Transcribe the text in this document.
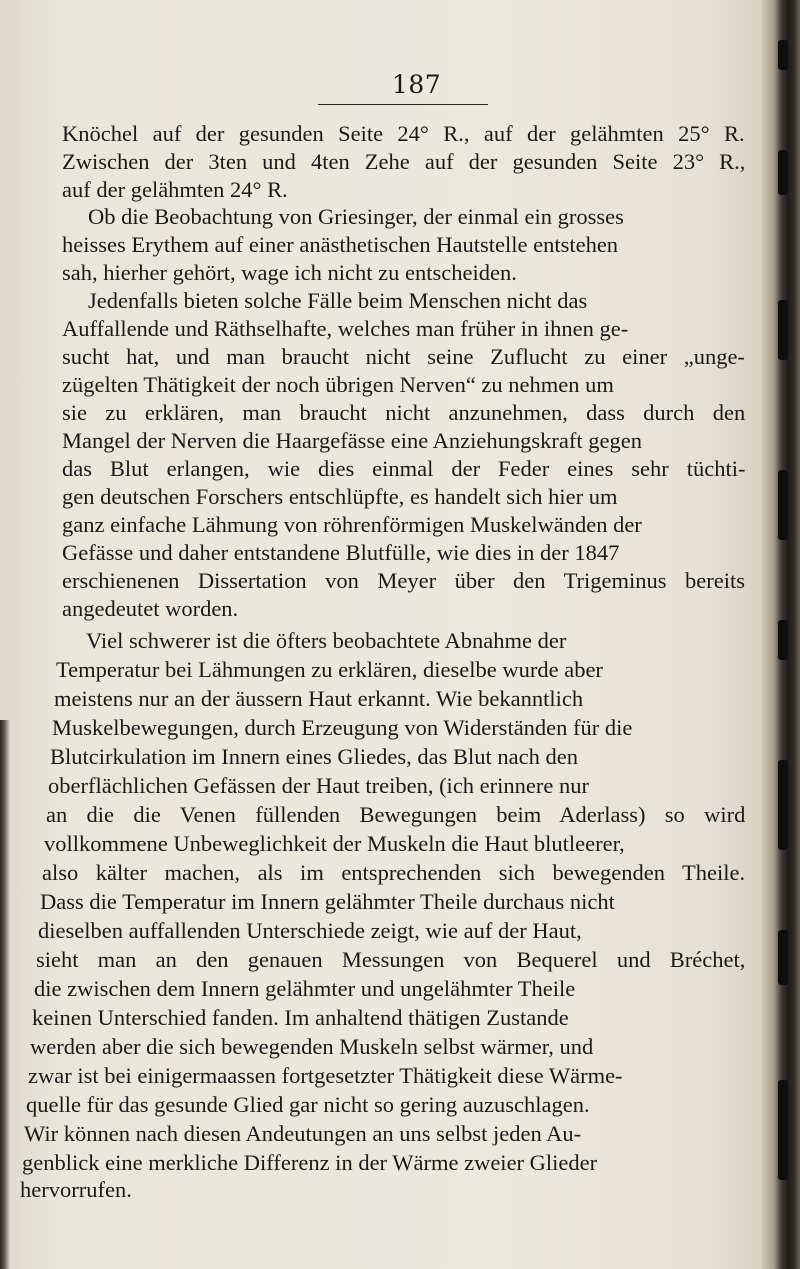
187
Knöchel auf der gesunden Seite 24° R., auf der gelähmten 25° R.
Zwischen der 3ten und 4ten Zehe auf der gesunden Seite 23° R.,
auf der gelähmten 24° R.
Ob die Beobachtung von Griesinger, der einmal ein grosses
heisses Erythem auf einer anästhetischen Hautstelle entstehen
sah, hierher gehört, wage ich nicht zu entscheiden.
Jedenfalls bieten solche Fälle beim Menschen nicht das
Auffallende und Räthselhafte, welches man früher in ihnen ge-
sucht hat, und man braucht nicht seine Zuflucht zu einer „unge-
zügelten Thätigkeit der noch übrigen Nerven“ zu nehmen um
sie zu erklären, man braucht nicht anzunehmen, dass durch den
Mangel der Nerven die Haargefässe eine Anziehungskraft gegen
das Blut erlangen, wie dies einmal der Feder eines sehr tüchti-
gen deutschen Forschers entschlüpfte, es handelt sich hier um
ganz einfache Lähmung von röhrenförmigen Muskelwänden der
Gefässe und daher entstandene Blutfülle, wie dies in der 1847
erschienenen Dissertation von Meyer über den Trigeminus bereits
angedeutet worden.
Viel schwerer ist die öfters beobachtete Abnahme der
Temperatur bei Lähmungen zu erklären, dieselbe wurde aber
meistens nur an der äussern Haut erkannt. Wie bekanntlich
Muskelbewegungen, durch Erzeugung von Widerständen für die
Blutcirkulation im Innern eines Gliedes, das Blut nach den
oberflächlichen Gefässen der Haut treiben, (ich erinnere nur
an die die Venen füllenden Bewegungen beim Aderlass) so wird
vollkommene Unbeweglichkeit der Muskeln die Haut blutleerer,
also kälter machen, als im entsprechenden sich bewegenden Theile.
Dass die Temperatur im Innern gelähmter Theile durchaus nicht
dieselben auffallenden Unterschiede zeigt, wie auf der Haut,
sieht man an den genauen Messungen von Bequerel und Bréchet,
die zwischen dem Innern gelähmter und ungelähmter Theile
keinen Unterschied fanden. Im anhaltend thätigen Zustande
werden aber die sich bewegenden Muskeln selbst wärmer, und
zwar ist bei einigermaassen fortgesetzter Thätigkeit diese Wärme-
quelle für das gesunde Glied gar nicht so gering auzuschlagen.
Wir können nach diesen Andeutungen an uns selbst jeden Au-
genblick eine merkliche Differenz in der Wärme zweier Glieder
hervorrufen.
